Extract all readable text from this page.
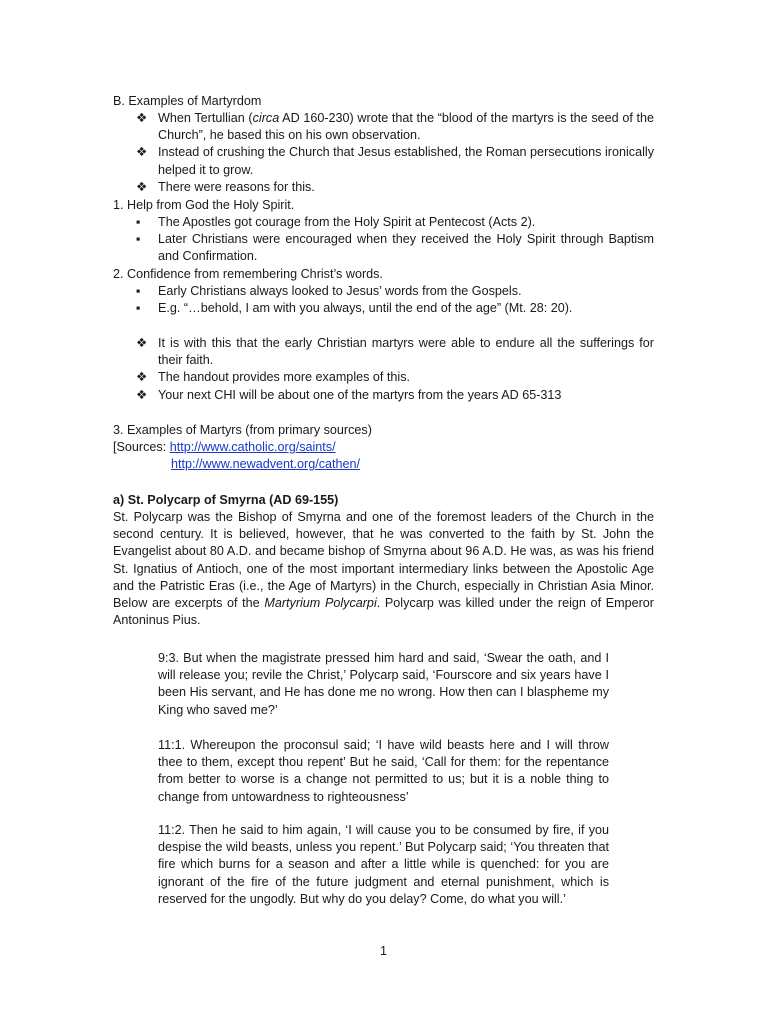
B. Examples of Martyrdom
❖ When Tertullian (circa AD 160-230) wrote that the “blood of the martyrs is the seed of the Church”, he based this on his own observation.
❖ Instead of crushing the Church that Jesus established, the Roman persecutions ironically helped it to grow.
❖ There were reasons for this.
1. Help from God the Holy Spirit.
▪	The Apostles got courage from the Holy Spirit at Pentecost (Acts 2).
▪	Later Christians were encouraged when they received the Holy Spirit through Baptism and Confirmation.
2. Confidence from remembering Christ’s words.
▪	Early Christians always looked to Jesus’ words from the Gospels.
▪	E.g. “…behold, I am with you always, until the end of the age” (Mt. 28: 20).
❖ It is with this that the early Christian martyrs were able to endure all the sufferings for their faith.
❖ The handout provides more examples of this.
❖ Your next CHI will be about one of the martyrs from the years AD 65-313
3. Examples of Martyrs (from primary sources)
[Sources: http://www.catholic.org/saints/
http://www.newadvent.org/cathen/
a) St. Polycarp of Smyrna (AD 69-155)
St. Polycarp was the Bishop of Smyrna and one of the foremost leaders of the Church in the second century. It is believed, however, that he was converted to the faith by St. John the Evangelist about 80 A.D. and became bishop of Smyrna about 96 A.D. He was, as was his friend St. Ignatius of Antioch, one of the most important intermediary links between the Apostolic Age and the Patristic Eras (i.e., the Age of Martyrs) in the Church, especially in Christian Asia Minor. Below are excerpts of the Martyrium Polycarpi. Polycarp was killed under the reign of Emperor Antoninus Pius.
9:3. But when the magistrate pressed him hard and said, ‘Swear the oath, and I will release you; revile the Christ,’ Polycarp said, ‘Fourscore and six years have I been His servant, and He has done me no wrong. How then can I blaspheme my King who saved me?’
11:1. Whereupon the proconsul said; ‘I have wild beasts here and I will throw thee to them, except thou repent’ But he said, ‘Call for them: for the repentance from better to worse is a change not permitted to us; but it is a noble thing to change from untowardness to righteousness’
11:2. Then he said to him again, ‘I will cause you to be consumed by fire, if you despise the wild beasts, unless you repent.’ But Polycarp said; ‘You threaten that fire which burns for a season and after a little while is quenched: for you are ignorant of the fire of the future judgment and eternal punishment, which is reserved for the ungodly. But why do you delay? Come, do what you will.’
1
